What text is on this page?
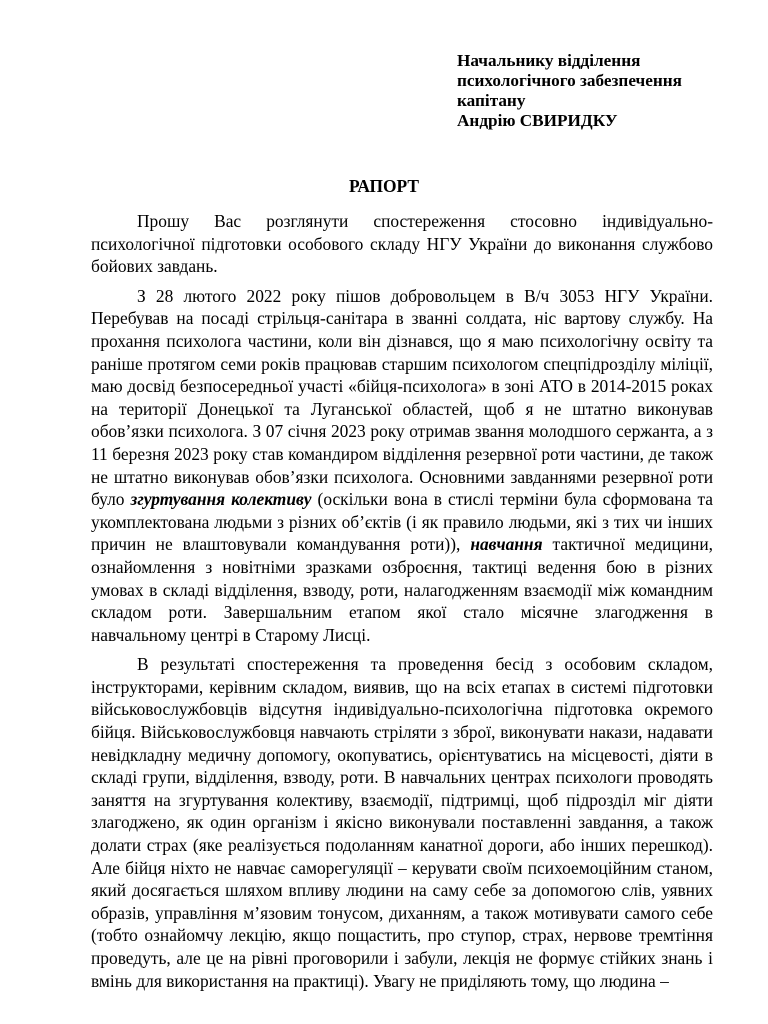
Начальнику відділення
психологічного забезпечення
капітану
Андрію СВИРИДКУ
РАПОРТ

Прошу Вас розглянути спостереження стосовно індивідуально-психологічної підготовки особового складу НГУ України до виконання службово бойових завдань.

З 28 лютого 2022 року пішов добровольцем в В/ч 3053 НГУ України. Перебував на посаді стрільця-санітара в званні солдата, ніс вартову службу. На прохання психолога частини, коли він дізнався, що я маю психологічну освіту та раніше протягом семи років працював старшим психологом спецпідрозділу міліції, маю досвід безпосередньої участі «бійця-психолога» в зоні АТО в 2014-2015 роках на території Донецької та Луганської областей, щоб я не штатно виконував обов’язки психолога. З 07 січня 2023 року отримав звання молодшого сержанта, а з 11 березня 2023 року став командиром відділення резервної роти частини, де також не штатно виконував обов’язки психолога. Основними завданнями резервної роти було згуртування колективу (оскільки вона в стислі терміни була сформована та укомплектована людьми з різних об’єктів (і як правило людьми, які з тих чи інших причин не влаштовували командування роти)), навчання тактичної медицини, ознайомлення з новітніми зразками озброєння, тактиці ведення бою в різних умовах в складі відділення, взводу, роти, налагодженням взаємодії між командним складом роти. Завершальним етапом якої стало місячне злагодження в навчальному центрі в Старому Лисці.

В результаті спостереження та проведення бесід з особовим складом, інструкторами, керівним складом, виявив, що на всіх етапах в системі підготовки військовослужбовців відсутня індивідуально-психологічна підготовка окремого бійця. Військовослужбовця навчають стріляти з зброї, виконувати накази, надавати невідкладну медичну допомогу, окопуватись, орієнтуватись на місцевості, діяти в складі групи, відділення, взводу, роти. В навчальних центрах психологи проводять заняття на згуртування колективу, взаємодії, підтримці, щоб підрозділ міг діяти злагоджено, як один організм і якісно виконували поставленні завдання, а також долати страх (яке реалізується подоланням канатної дороги, або інших перешкод). Але бійця ніхто не навчає саморегуляції – керувати своїм психоемоційним станом, який досягається шляхом впливу людини на саму себе за допомогою слів, уявних образів, управління м’язовим тонусом, диханням, а також мотивувати самого себе (тобто ознайомчу лекцію, якщо пощастить, про ступор, страх, нервове тремтіння проведуть, але це на рівні проговорили і забули, лекція не формує стійких знань і вмінь для використання на практиці). Увагу не приділяють тому, що людина –
